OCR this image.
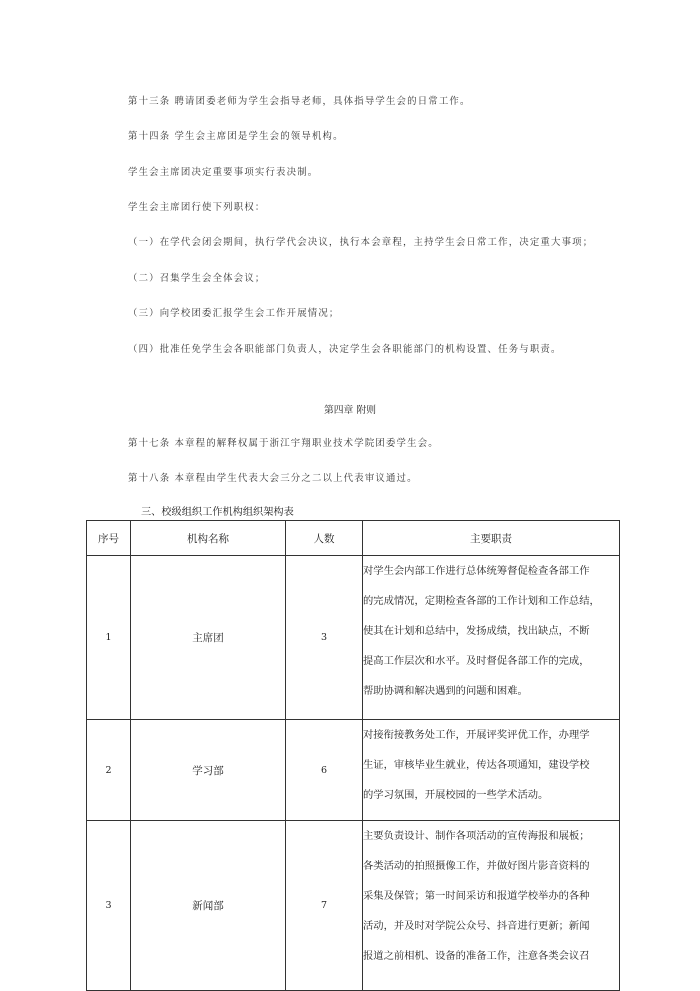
第十三条 聘请团委老师为学生会指导老师，具体指导学生会的日常工作。
第十四条 学生会主席团是学生会的领导机构。
学生会主席团决定重要事项实行表决制。
学生会主席团行使下列职权：
（一）在学代会闭会期间，执行学代会决议，执行本会章程，主持学生会日常工作，决定重大事项；
（二）召集学生会全体会议；
（三）向学校团委汇报学生会工作开展情况；
（四）批准任免学生会各职能部门负责人，决定学生会各职能部门的机构设置、任务与职责。
第四章 附则
第十七条 本章程的解释权属于浙江宇翔职业技术学院团委学生会。
第十八条 本章程由学生代表大会三分之二以上代表审议通过。
三、校级组织工作机构组织架构表
序号	机构名称	人数	主要职责
1	主席团	3	对学生会内部工作进行总体统筹督促检查各部工作
的完成情况，定期检查各部的工作计划和工作总结，
使其在计划和总结中，发扬成绩，找出缺点，不断
提高工作层次和水平。及时督促各部工作的完成，
帮助协调和解决遇到的问题和困难。

2	学习部	6	对接衔接教务处工作，开展评奖评优工作，办理学
生证，审核毕业生就业，传达各项通知，建设学校
的学习氛围，开展校园的一些学术活动。

3	新闻部	7	主要负责设计、制作各项活动的宣传海报和展板；
各类活动的拍照摄像工作，并做好图片影音资料的
采集及保管；第一时间采访和报道学校举办的各种
活动，并及时对学院公众号、抖音进行更新；新闻
报道之前相机、设备的准备工作，注意各类会议召
